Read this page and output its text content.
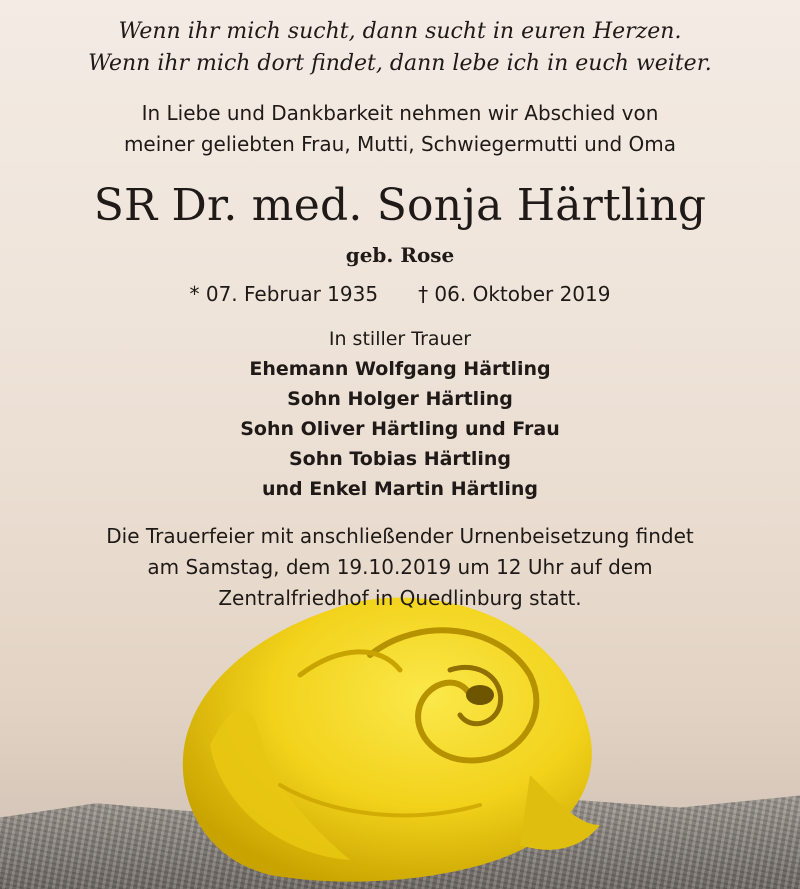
Wenn ihr mich sucht, dann sucht in euren Herzen.
Wenn ihr mich dort findet, dann lebe ich in euch weiter.
In Liebe und Dankbarkeit nehmen wir Abschied von
meiner geliebten Frau, Mutti, Schwiegermutti und Oma
SR Dr. med. Sonja Härtling
geb. Rose
* 07. Februar 1935 † 06. Oktober 2019
In stiller Trauer
Ehemann Wolfgang Härtling
Sohn Holger Härtling
Sohn Oliver Härtling und Frau
Sohn Tobias Härtling
und Enkel Martin Härtling
Die Trauerfeier mit anschließender Urnenbeisetzung findet
am Samstag, dem 19.10.2019 um 12 Uhr auf dem
Zentralfriedhof in Quedlinburg statt.
